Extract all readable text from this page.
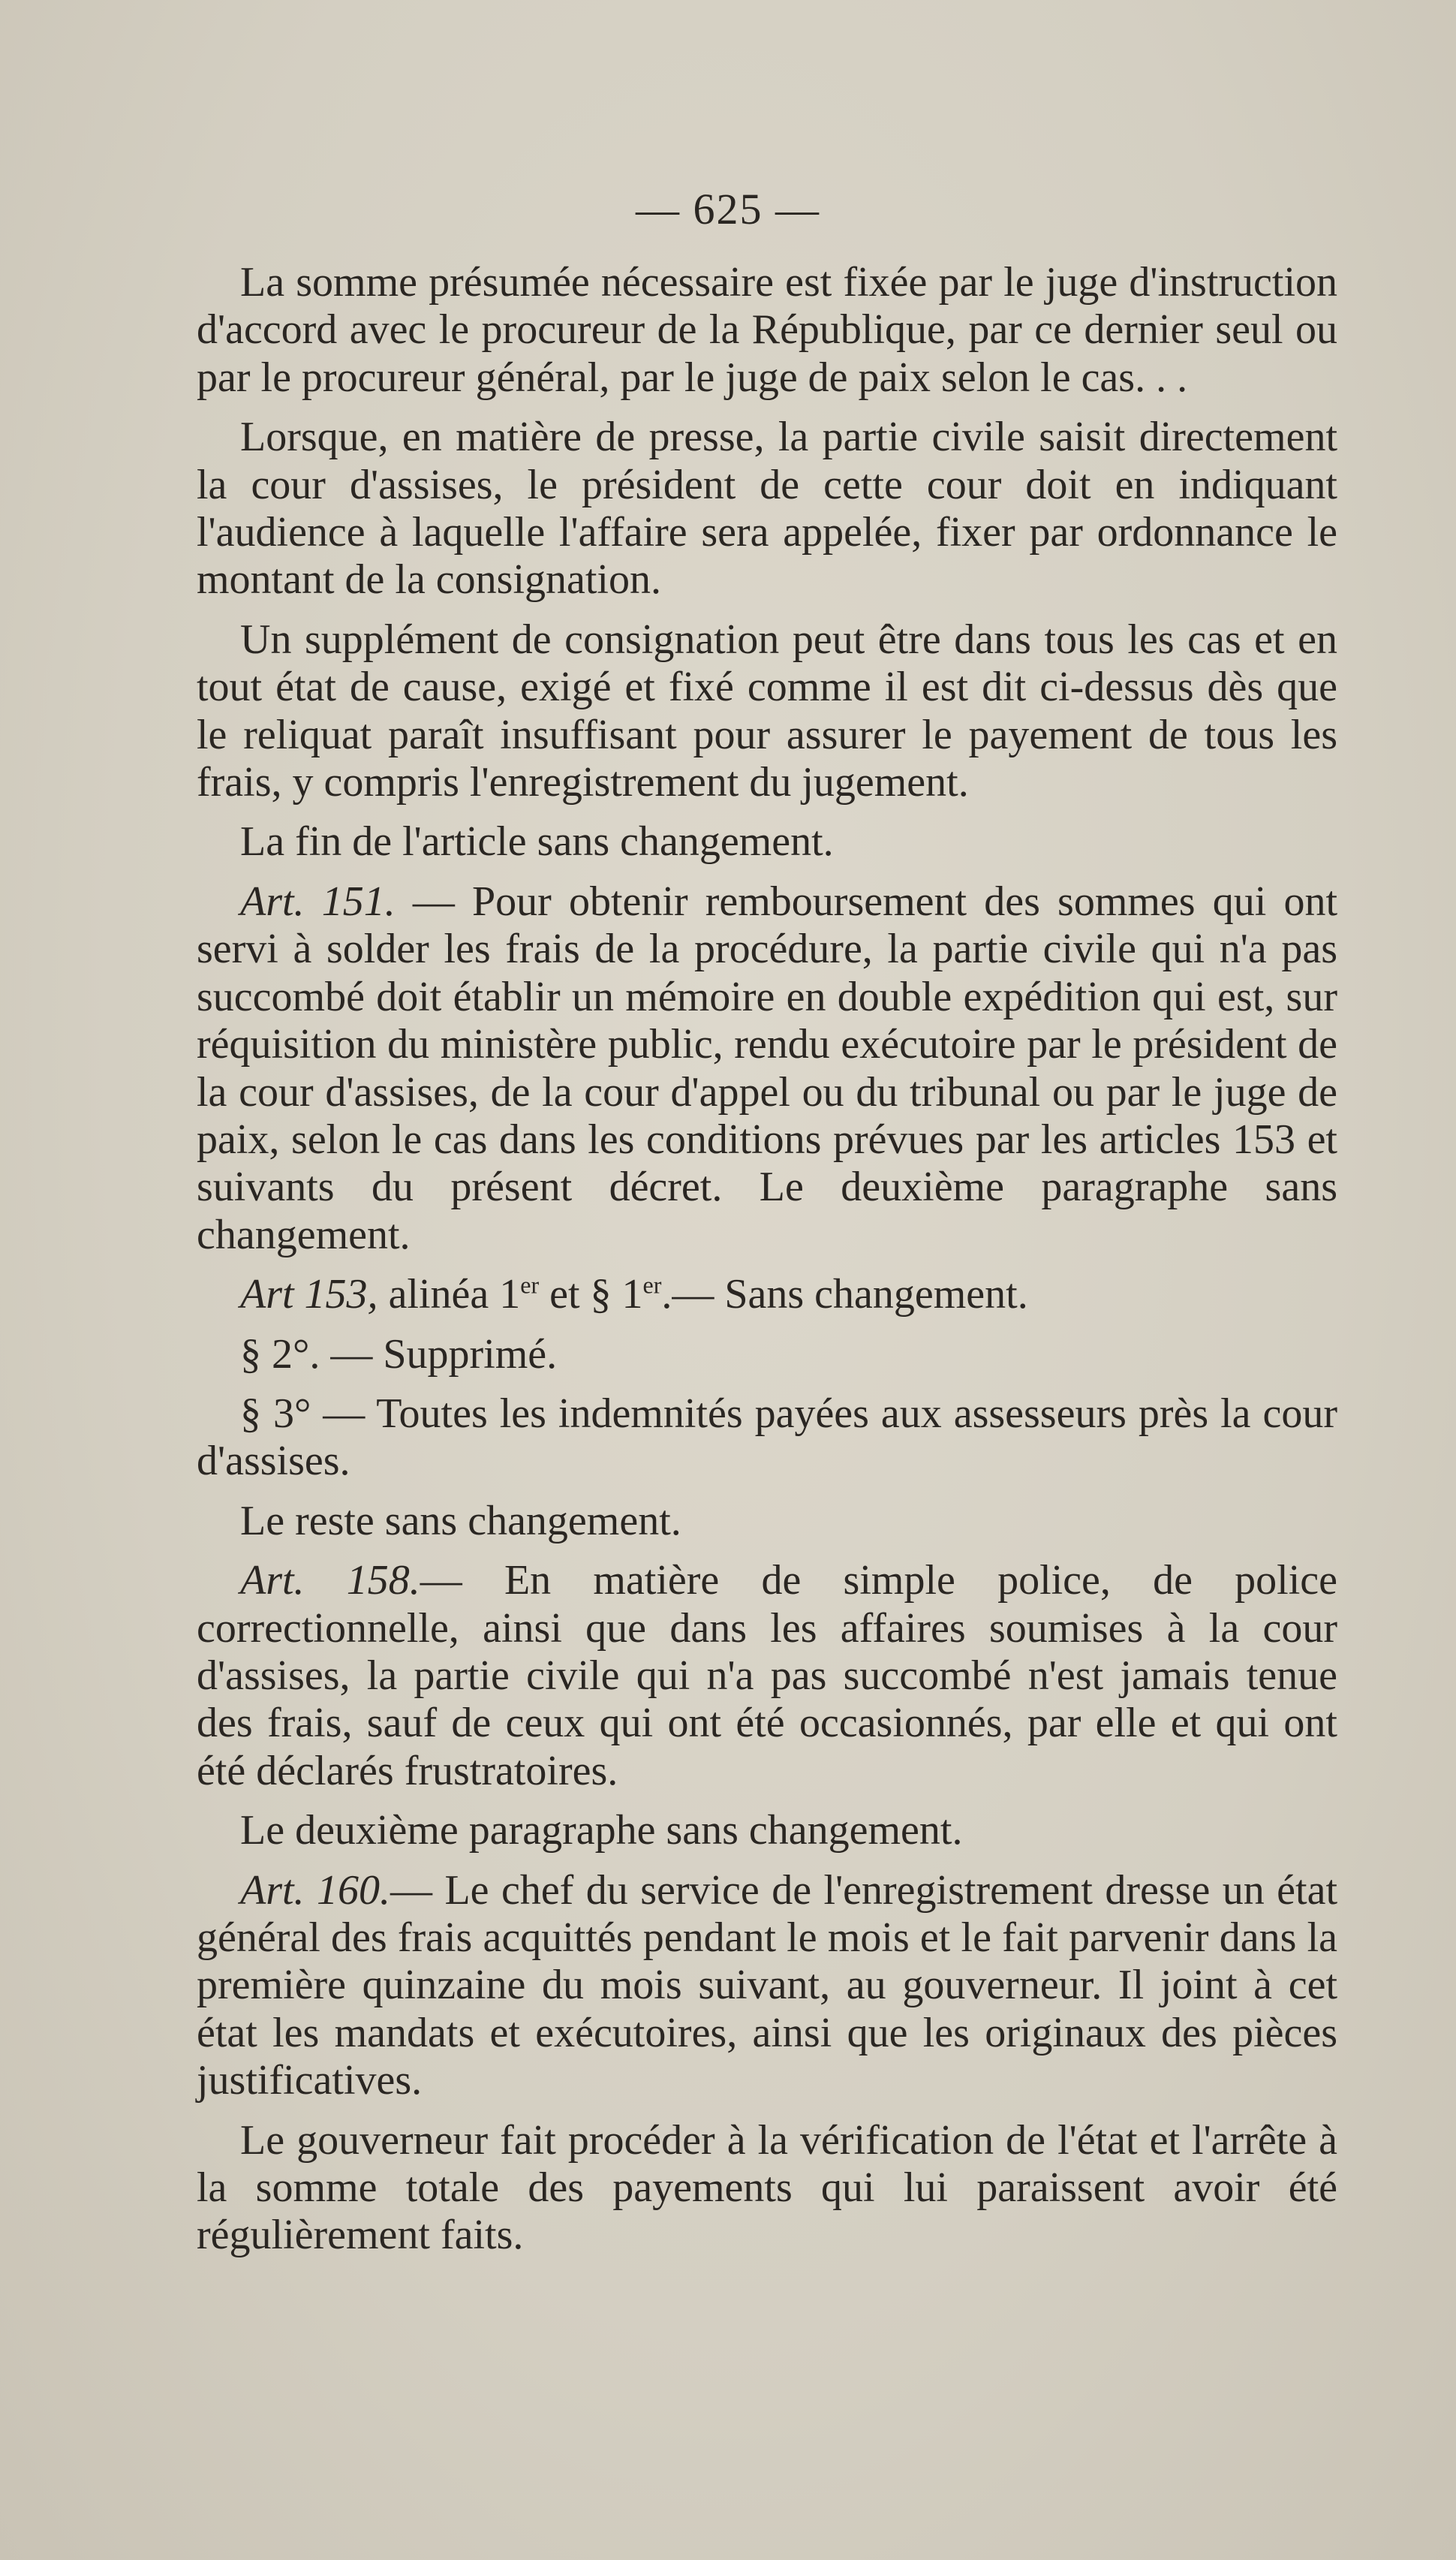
— 625 —

La somme présumée nécessaire est fixée par le juge d'instruction d'accord avec le procureur de la République, par ce dernier seul ou par le procureur général, par le juge de paix selon le cas. . .

Lorsque, en matière de presse, la partie civile saisit directement la cour d'assises, le président de cette cour doit en indiquant l'audience à laquelle l'affaire sera appelée, fixer par ordonnance le montant de la consignation.

Un supplément de consignation peut être dans tous les cas et en tout état de cause, exigé et fixé comme il est dit ci-dessus dès que le reliquat paraît insuffisant pour assurer le payement de tous les frais, y compris l'enregistrement du jugement.

La fin de l'article sans changement.

Art. 151. — Pour obtenir remboursement des sommes qui ont servi à solder les frais de la procédure, la partie civile qui n'a pas succombé doit établir un mémoire en double expédition qui est, sur réquisition du ministère public, rendu exécutoire par le président de la cour d'assises, de la cour d'appel ou du tribunal ou par le juge de paix, selon le cas dans les conditions prévues par les articles 153 et suivants du présent décret. Le deuxième paragraphe sans changement.

Art 153, alinéa 1er et § 1er.— Sans changement.

§ 2°. — Supprimé.

§ 3° — Toutes les indemnités payées aux assesseurs près la cour d'assises.

Le reste sans changement.

Art. 158.— En matière de simple police, de police correctionnelle, ainsi que dans les affaires soumises à la cour d'assises, la partie civile qui n'a pas succombé n'est jamais tenue des frais, sauf de ceux qui ont été occasionnés, par elle et qui ont été déclarés frustratoires.

Le deuxième paragraphe sans changement.

Art. 160.— Le chef du service de l'enregistrement dresse un état général des frais acquittés pendant le mois et le fait parvenir dans la première quinzaine du mois suivant, au gouverneur. Il joint à cet état les mandats et exécutoires, ainsi que les originaux des pièces justificatives.

Le gouverneur fait procéder à la vérification de l'état et l'arrête à la somme totale des payements qui lui paraissent avoir été régulièrement faits.
